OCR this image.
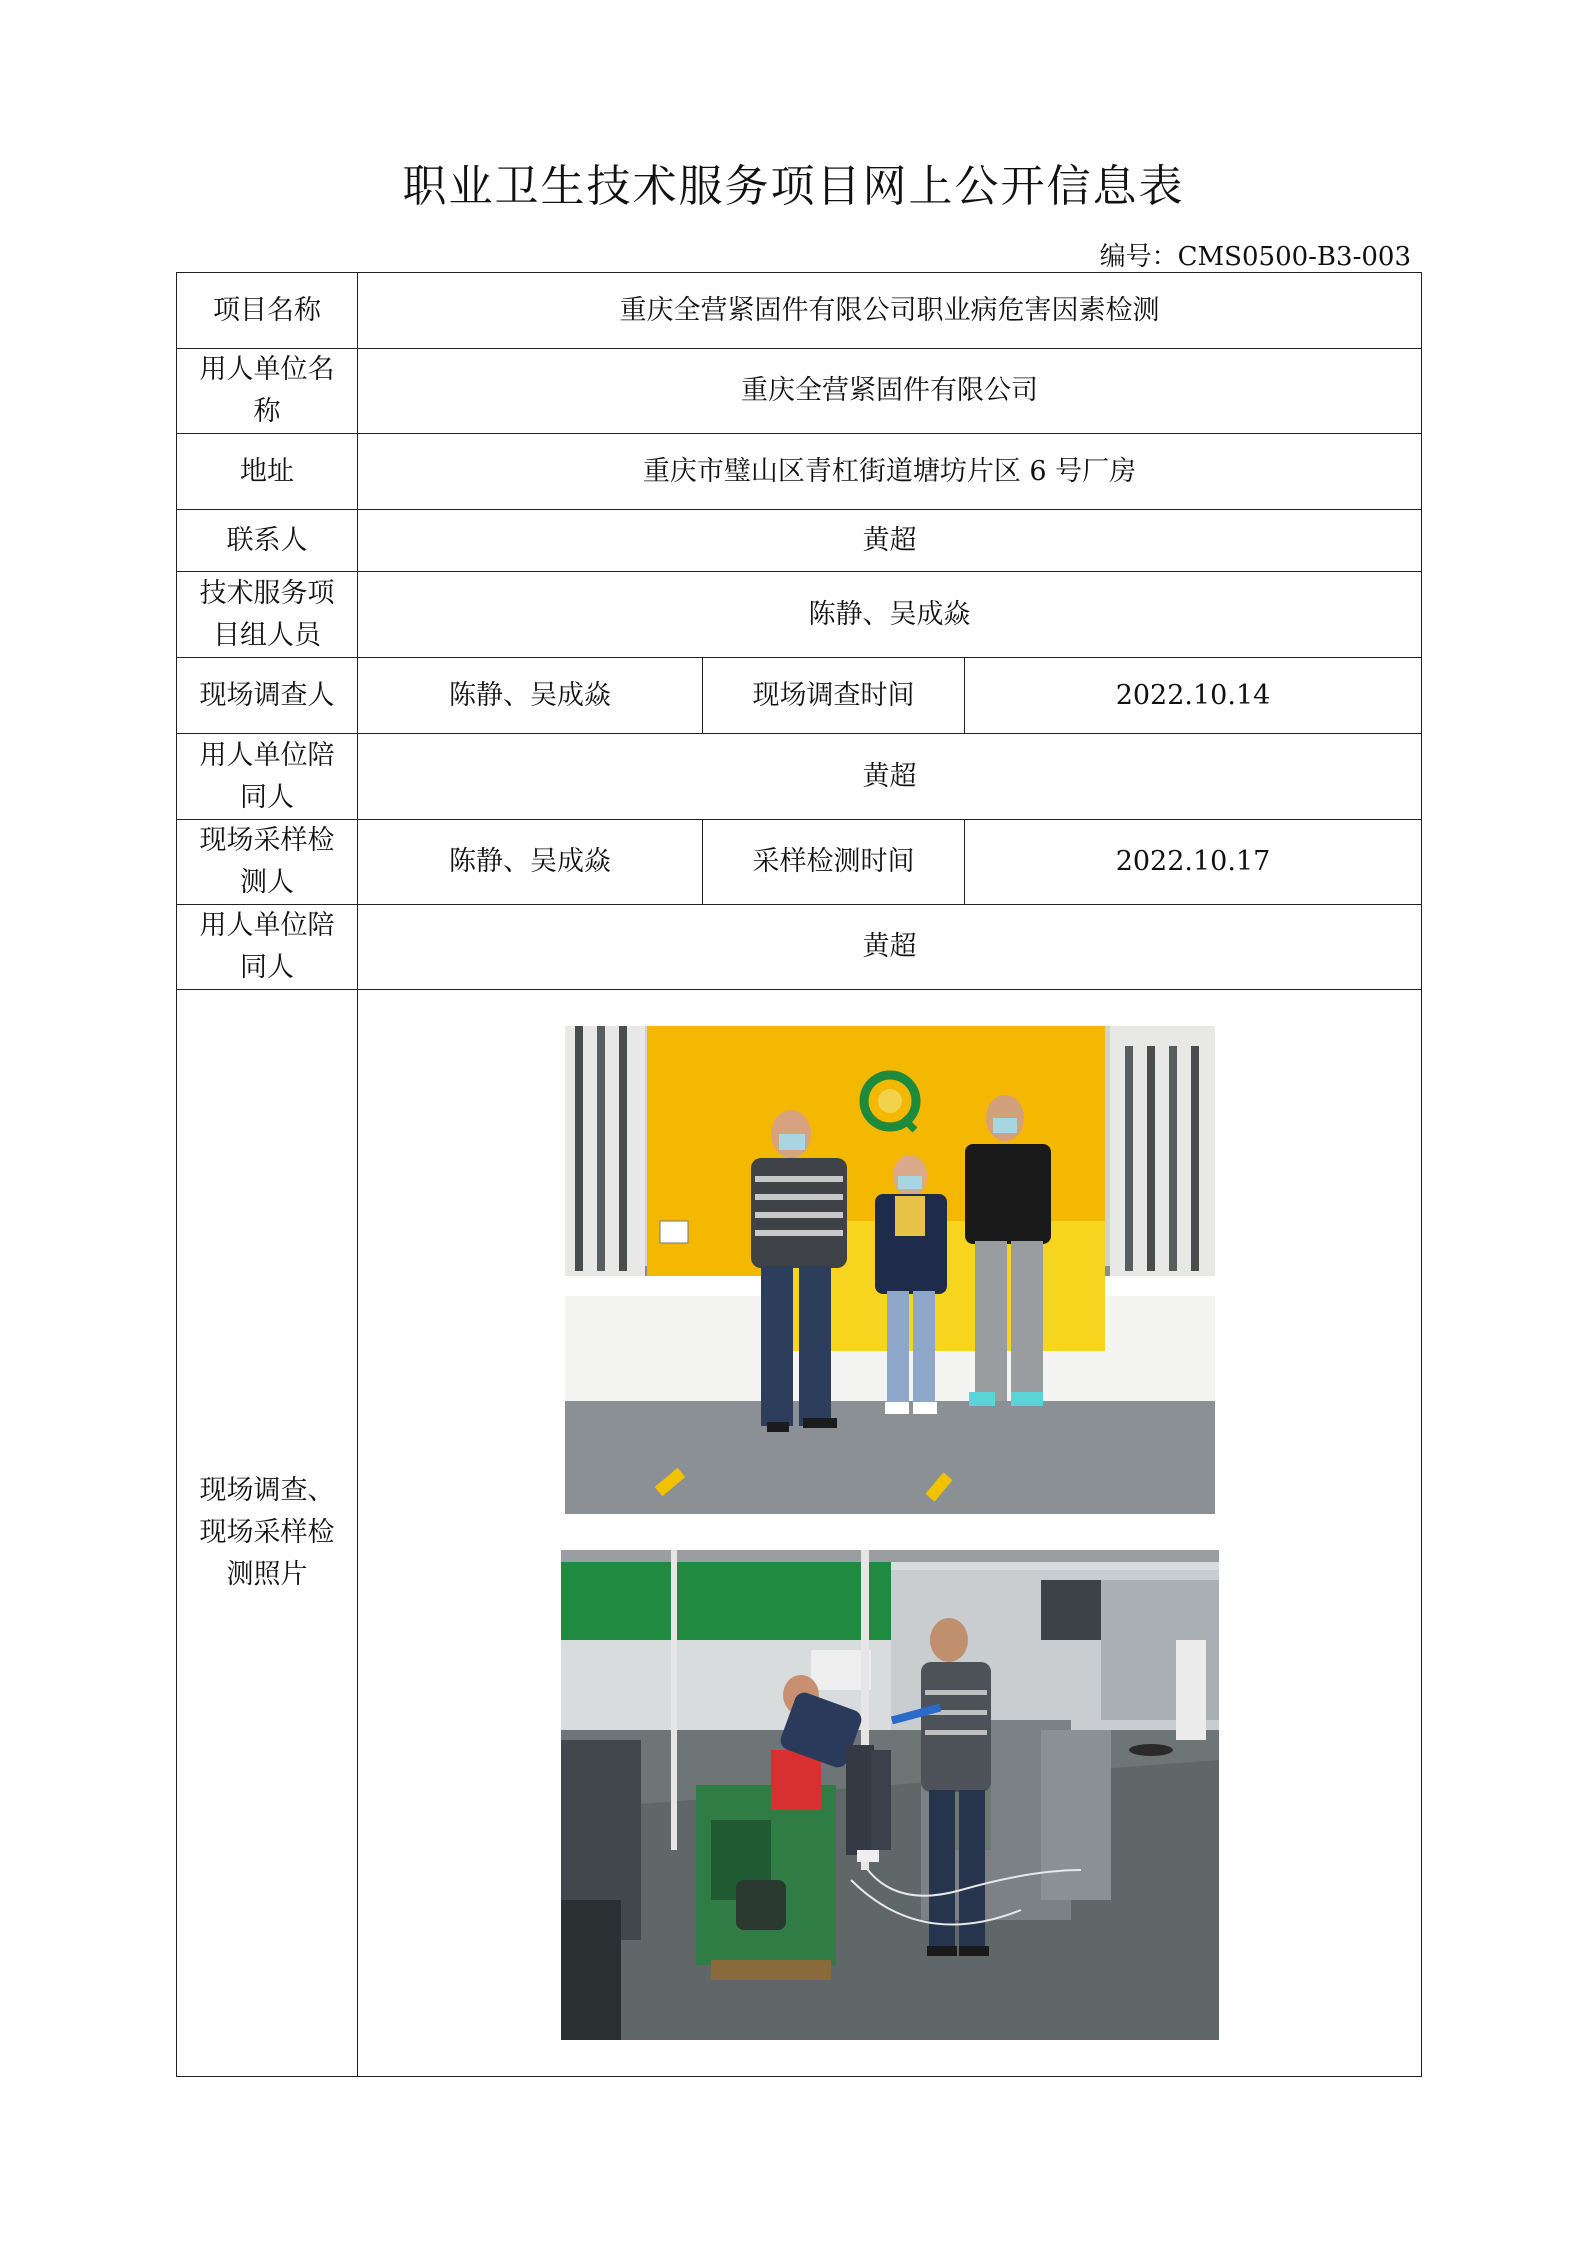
职业卫生技术服务项目网上公开信息表
编号：CMS0500-B3-003
项目名称	重庆全营紧固件有限公司职业病危害因素检测		
用人单位名称	重庆全营紧固件有限公司		
地址	重庆市璧山区青杠街道塘坊片区 6 号厂房		
联系人	黄超		
技术服务项目组人员	陈静、吴成焱		
现场调查人	陈静、吴成焱	现场调查时间	2022.10.14
用人单位陪同人	黄超		
现场采样检测人	陈静、吴成焱	采样检测时间	2022.10.17
用人单位陪同人	黄超		
现场调查、现场采样检测照片	
